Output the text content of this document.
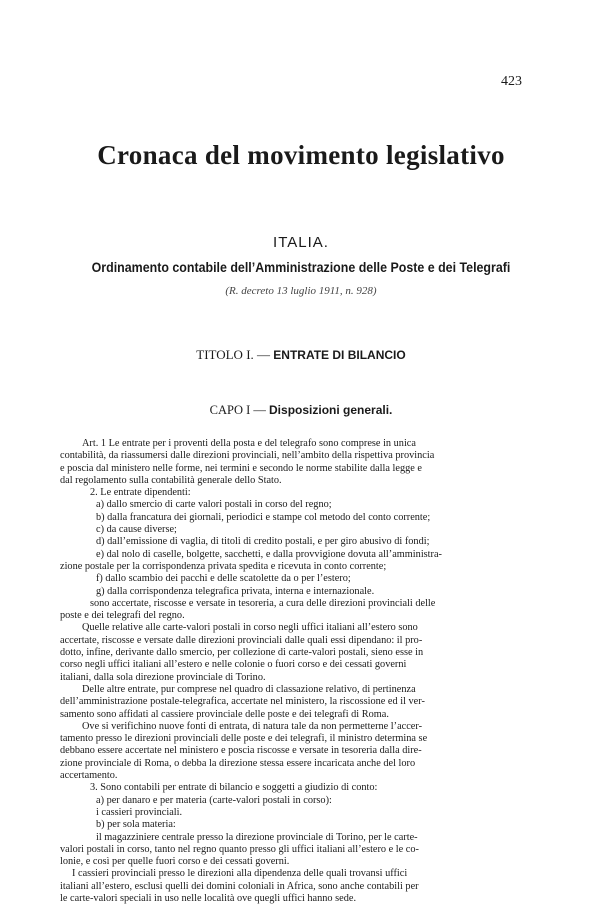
423
Cronaca del movimento legislativo
ITALIA.
Ordinamento contabile dell’Amministrazione delle Poste e dei Telegrafi
(R. decreto 13 luglio 1911, n. 928)
TITOLO I. — ENTRATE DI BILANCIO
CAPO I — Disposizioni generali.
Art. 1 Le entrate per i proventi della posta e del telegrafo sono comprese in unica
contabilità, da riassumersi dalle direzioni provinciali, nell’ambito della rispettiva provincia
e poscia dal ministero nelle forme, nei termini e secondo le norme stabilite dalla legge e
dal regolamento sulla contabilità generale dello Stato.
2. Le entrate dipendenti:
a) dallo smercio di carte valori postali in corso del regno;
b) dalla francatura dei giornali, periodici e stampe col metodo del conto corrente;
c) da cause diverse;
d) dall’emissione di vaglia, di titoli di credito postali, e per giro abusivo di fondi;
e) dal nolo di caselle, bolgette, sacchetti, e dalla provvigione dovuta all’amministra-
zione postale per la corrispondenza privata spedita e ricevuta in conto corrente;
f) dallo scambio dei pacchi e delle scatolette da o per l’estero;
g) dalla corrispondenza telegrafica privata, interna e internazionale.
sono accertate, riscosse e versate in tesoreria, a cura delle direzioni provinciali delle
poste e dei telegrafi del regno.
Quelle relative alle carte-valori postali in corso negli uffici italiani all’estero sono
accertate, riscosse e versate dalle direzioni provinciali dalle quali essi dipendano: il pro-
dotto, infine, derivante dallo smercio, per collezione di carte-valori postali, sieno esse in
corso negli uffici italiani all’estero e nelle colonie o fuori corso e dei cessati governi
italiani, dalla sola direzione provinciale di Torino.
Delle altre entrate, pur comprese nel quadro di classazione relativo, di pertinenza
dell’amministrazione postale-telegrafica, accertate nel ministero, la riscossione ed il ver-
samento sono affidati al cassiere provinciale delle poste e dei telegrafi di Roma.
Ove si verifichino nuove fonti di entrata, di natura tale da non permetterne l’accer-
tamento presso le direzioni provinciali delle poste e dei telegrafi, il ministro determina se
debbano essere accertate nel ministero e poscia riscosse e versate in tesoreria dalla dire-
zione provinciale di Roma, o debba la direzione stessa essere incaricata anche del loro
accertamento.
3. Sono contabili per entrate di bilancio e soggetti a giudizio di conto:
a) per danaro e per materia (carte-valori postali in corso):
i cassieri provinciali.
b) per sola materia:
il magazziniere centrale presso la direzione provinciale di Torino, per le carte-
valori postali in corso, tanto nel regno quanto presso gli uffici italiani all’estero e le co-
lonie, e così per quelle fuori corso e dei cessati governi.
I cassieri provinciali presso le direzioni alla dipendenza delle quali trovansi uffici
italiani all’estero, esclusi quelli dei domini coloniali in Africa, sono anche contabili per
le carte-valori speciali in uso nelle località ove quegli uffici hanno sede.
